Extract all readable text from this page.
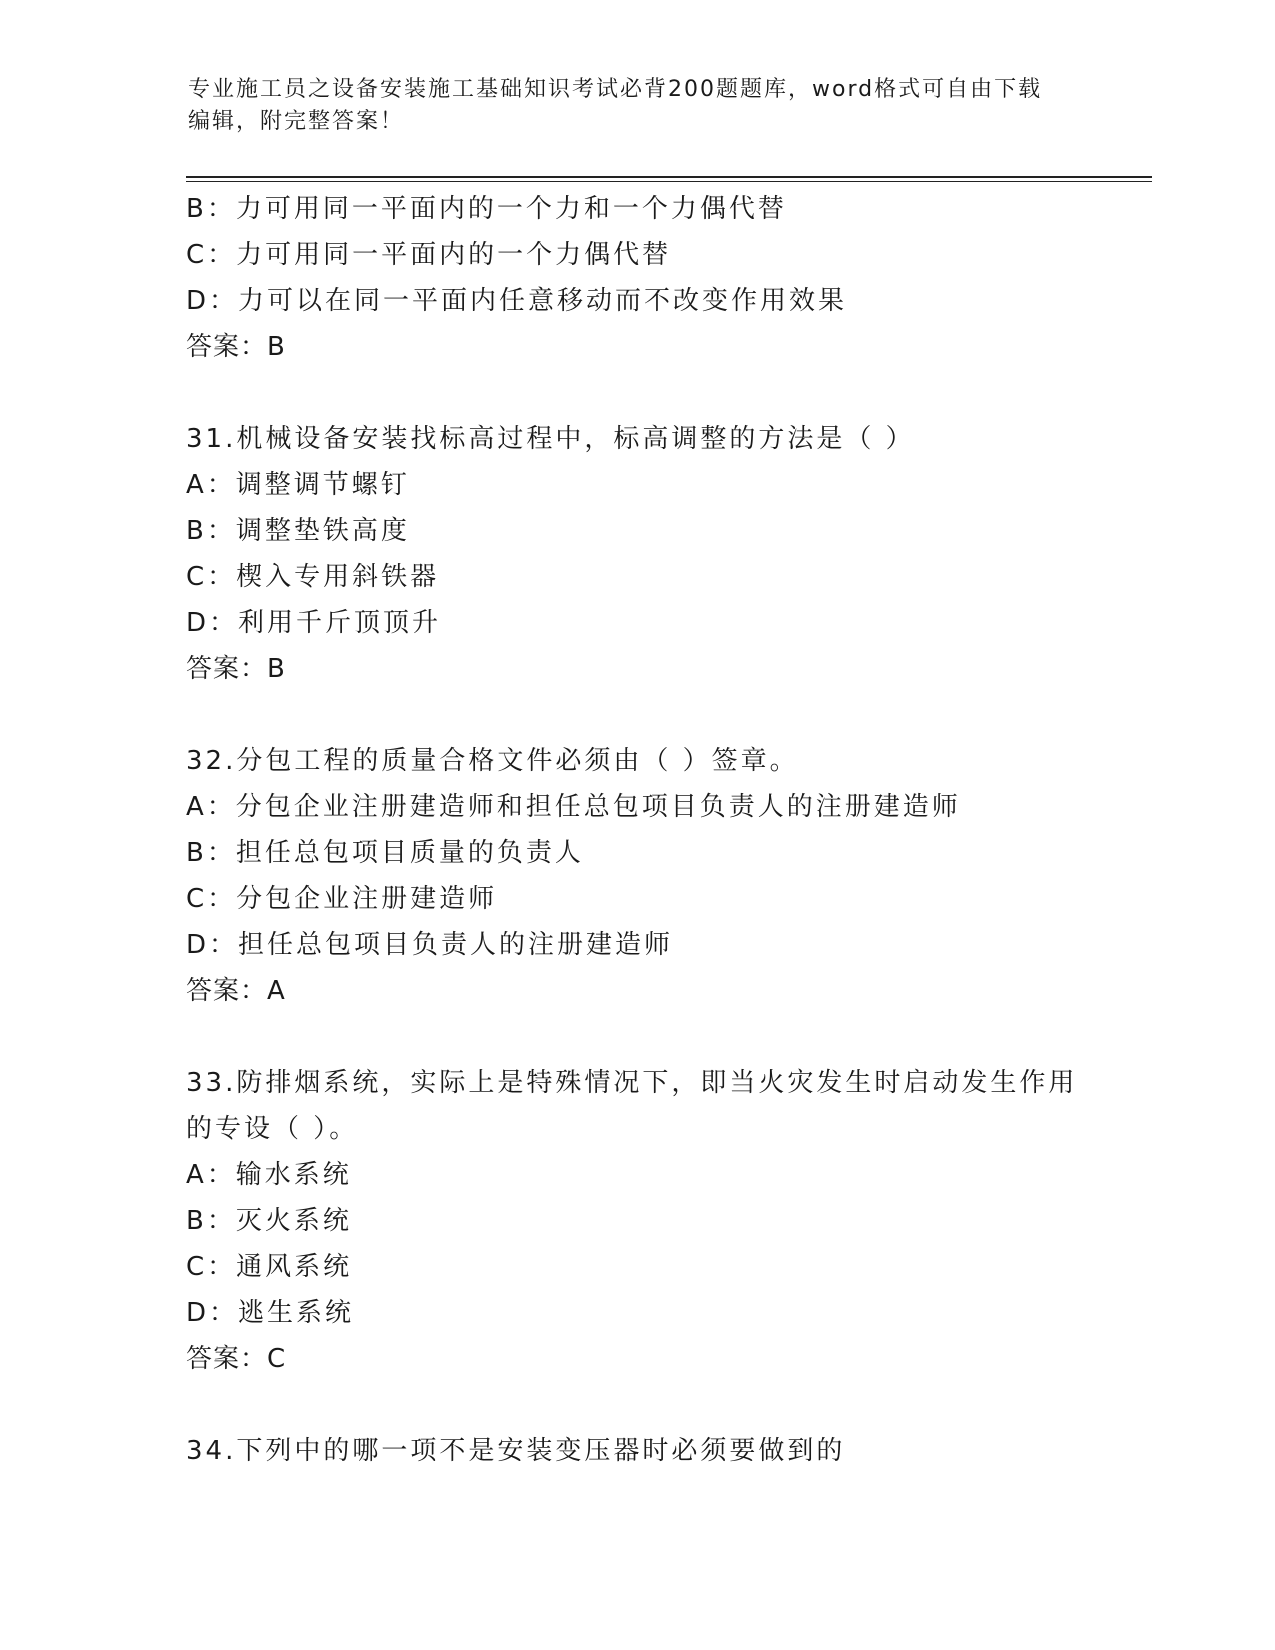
专业施工员之设备安装施工基础知识考试必背200题题库，word格式可自由下载
编辑，附完整答案！
B：力可用同一平面内的一个力和一个力偶代替
C：力可用同一平面内的一个力偶代替
D：力可以在同一平面内任意移动而不改变作用效果
答案：B
31.机械设备安装找标高过程中，标高调整的方法是（ ）
A：调整调节螺钉
B：调整垫铁高度
C：楔入专用斜铁器
D：利用千斤顶顶升
答案：B
32.分包工程的质量合格文件必须由（ ）签章。
A：分包企业注册建造师和担任总包项目负责人的注册建造师
B：担任总包项目质量的负责人
C：分包企业注册建造师
D：担任总包项目负责人的注册建造师
答案：A
33.防排烟系统，实际上是特殊情况下，即当火灾发生时启动发生作用
的专设（ ）。
A：输水系统
B：灭火系统
C：通风系统
D：逃生系统
答案：C
34.下列中的哪一项不是安装变压器时必须要做到的
